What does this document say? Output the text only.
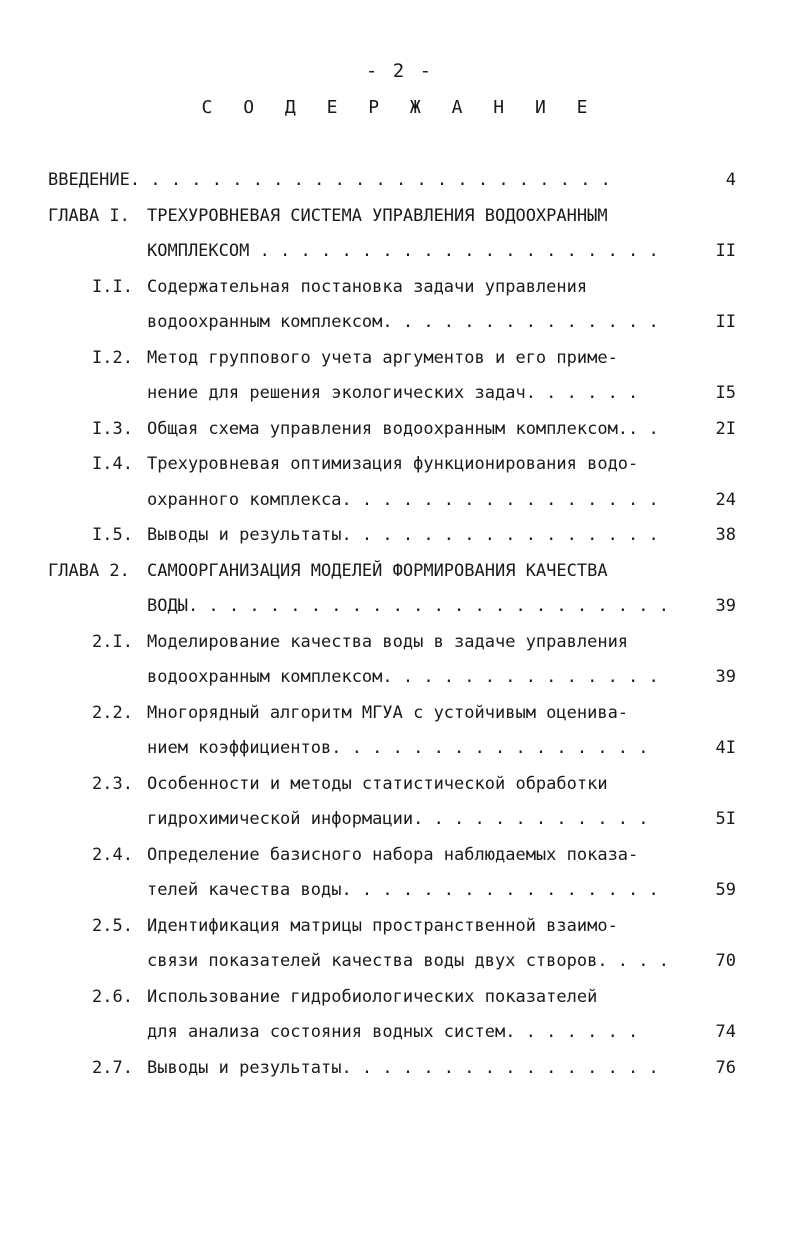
- 2 -
С О Д Е Р Ж А Н И Е
ВВЕДЕНИЕ. . . . . . . . . . . . . . . . . . . . . . . .	4
ГЛАВА I. ТРЕХУРОВНЕВАЯ СИСТЕМА УПРАВЛЕНИЯ ВОДООХРАННЫМ
КОМПЛЕКСОМ . . . . . . . . . . . . . . . . . . . .	II
I.I. Содержательная постановка задачи управления
водоохранным комплексом. . . . . . . . . . . . . .	II
I.2. Метод группового учета аргументов и его приме-
нение для решения экологических задач. . . . . .	I5
I.3. Общая схема управления водоохранным комплексом.. .	2I
I.4. Трехуровневая оптимизация функционирования водо-
охранного комплекса. . . . . . . . . . . . . . . .	24
I.5. Выводы и результаты. . . . . . . . . . . . . . . .	38
ГЛАВА 2. САМООРГАНИЗАЦИЯ МОДЕЛЕЙ ФОРМИРОВАНИЯ КАЧЕСТВА
ВОДЫ. . . . . . . . . . . . . . . . . . . . . . . .	39
2.I. Моделирование качества воды в задаче управления
водоохранным комплексом. . . . . . . . . . . . . .	39
2.2. Многорядный алгоритм МГУА с устойчивым оценива-
нием коэффициентов. . . . . . . . . . . . . . . .	4I
2.3. Особенности и методы статистической обработки
гидрохимической информации. . . . . . . . . . . .	5I
2.4. Определение базисного набора наблюдаемых показа-
телей качества воды. . . . . . . . . . . . . . . .	59
2.5. Идентификация матрицы пространственной взаимо-
связи показателей качества воды двух створов. . . .	70
2.6. Использование гидробиологических показателей
для анализа состояния водных систем. . . . . . .	74
2.7. Выводы и результаты. . . . . . . . . . . . . . . .	76
